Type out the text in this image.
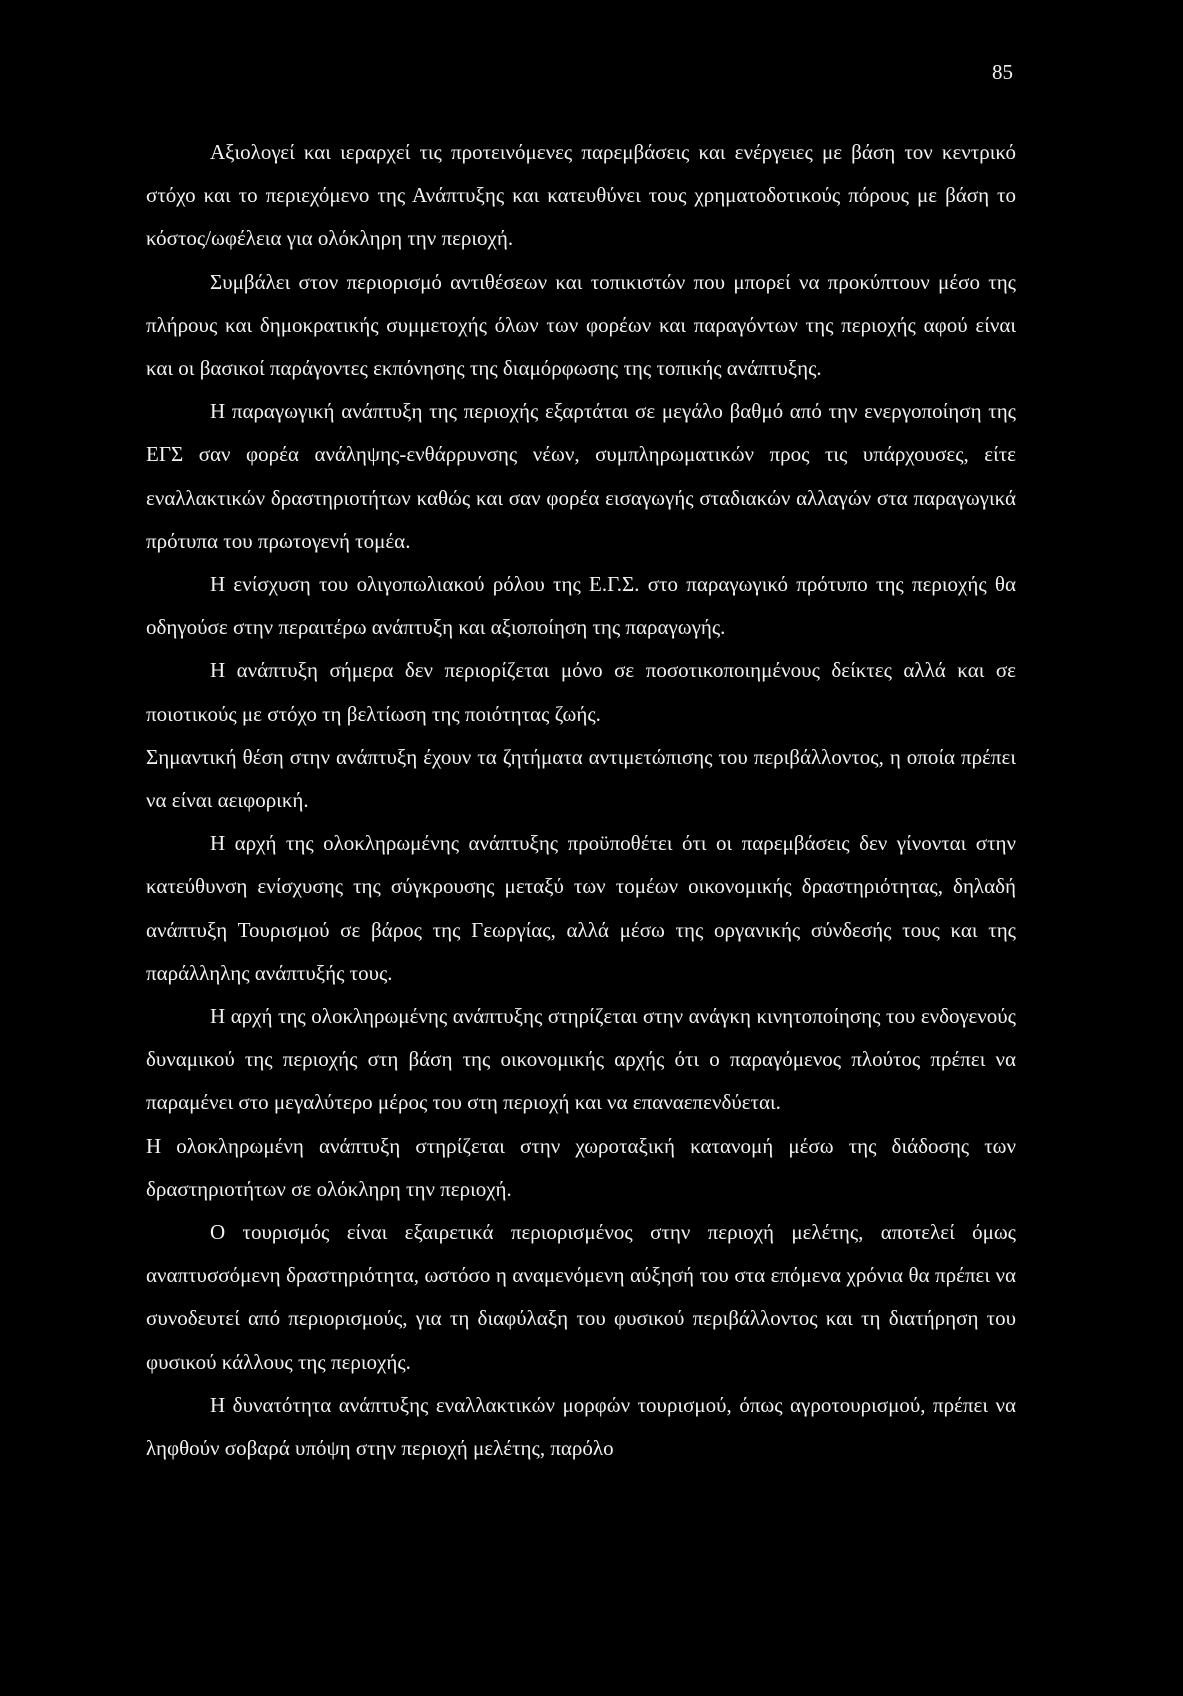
85

Αξιολογεί και ιεραρχεί τις προτεινόμενες παρεμβάσεις και ενέργειες με βάση τον κεντρικό στόχο και το περιεχόμενο της Ανάπτυξης και κατευθύνει τους χρηματοδοτικούς πόρους με βάση το κόστος/ωφέλεια για ολόκληρη την περιοχή.

Συμβάλει στον περιορισμό αντιθέσεων και τοπικιστών που μπορεί να προκύπτουν μέσο της πλήρους και δημοκρατικής συμμετοχής όλων των φορέων και παραγόντων της περιοχής αφού είναι και οι βασικοί παράγοντες εκπόνησης της διαμόρφωσης της τοπικής ανάπτυξης.

Η παραγωγική ανάπτυξη της περιοχής εξαρτάται σε μεγάλο βαθμό από την ενεργοποίηση της ΕΓΣ σαν φορέα ανάληψης-ενθάρρυνσης νέων, συμπληρωματικών προς τις υπάρχουσες, είτε εναλλακτικών δραστηριοτήτων καθώς και σαν φορέα εισαγωγής σταδιακών αλλαγών στα παραγωγικά πρότυπα του πρωτογενή τομέα.

Η ενίσχυση του ολιγοπωλιακού ρόλου της Ε.Γ.Σ. στο παραγωγικό πρότυπο της περιοχής θα οδηγούσε στην περαιτέρω ανάπτυξη και αξιοποίηση της παραγωγής.

Η ανάπτυξη σήμερα δεν περιορίζεται μόνο σε ποσοτικοποιημένους δείκτες αλλά και σε ποιοτικούς με στόχο τη βελτίωση της ποιότητας ζωής.

Σημαντική θέση στην ανάπτυξη έχουν τα ζητήματα αντιμετώπισης του περιβάλλοντος, η οποία πρέπει να είναι αειφορική.

Η αρχή της ολοκληρωμένης ανάπτυξης προϋποθέτει ότι οι παρεμβάσεις δεν γίνονται στην κατεύθυνση ενίσχυσης της σύγκρουσης μεταξύ των τομέων οικονομικής δραστηριότητας, δηλαδή ανάπτυξη Τουρισμού σε βάρος της Γεωργίας, αλλά μέσω της οργανικής σύνδεσής τους και της παράλληλης ανάπτυξής τους.

Η αρχή της ολοκληρωμένης ανάπτυξης στηρίζεται στην ανάγκη κινητοποίησης του ενδογενούς δυναμικού της περιοχής στη βάση της οικονομικής αρχής ότι ο παραγόμενος πλούτος πρέπει να παραμένει στο μεγαλύτερο μέρος του στη περιοχή και να επαναεπενδύεται.

Η ολοκληρωμένη ανάπτυξη στηρίζεται στην χωροταξική κατανομή μέσω της διάδοσης των δραστηριοτήτων σε ολόκληρη την περιοχή.

Ο τουρισμός είναι εξαιρετικά περιορισμένος στην περιοχή μελέτης, αποτελεί όμως αναπτυσσόμενη δραστηριότητα, ωστόσο η αναμενόμενη αύξησή του στα επόμενα χρόνια θα πρέπει να συνοδευτεί από περιορισμούς, για τη διαφύλαξη του φυσικού περιβάλλοντος και τη διατήρηση του φυσικού κάλλους της περιοχής.

Η δυνατότητα ανάπτυξης εναλλακτικών μορφών τουρισμού, όπως αγροτουρισμού, πρέπει να ληφθούν σοβαρά υπόψη στην περιοχή μελέτης, παρόλο
